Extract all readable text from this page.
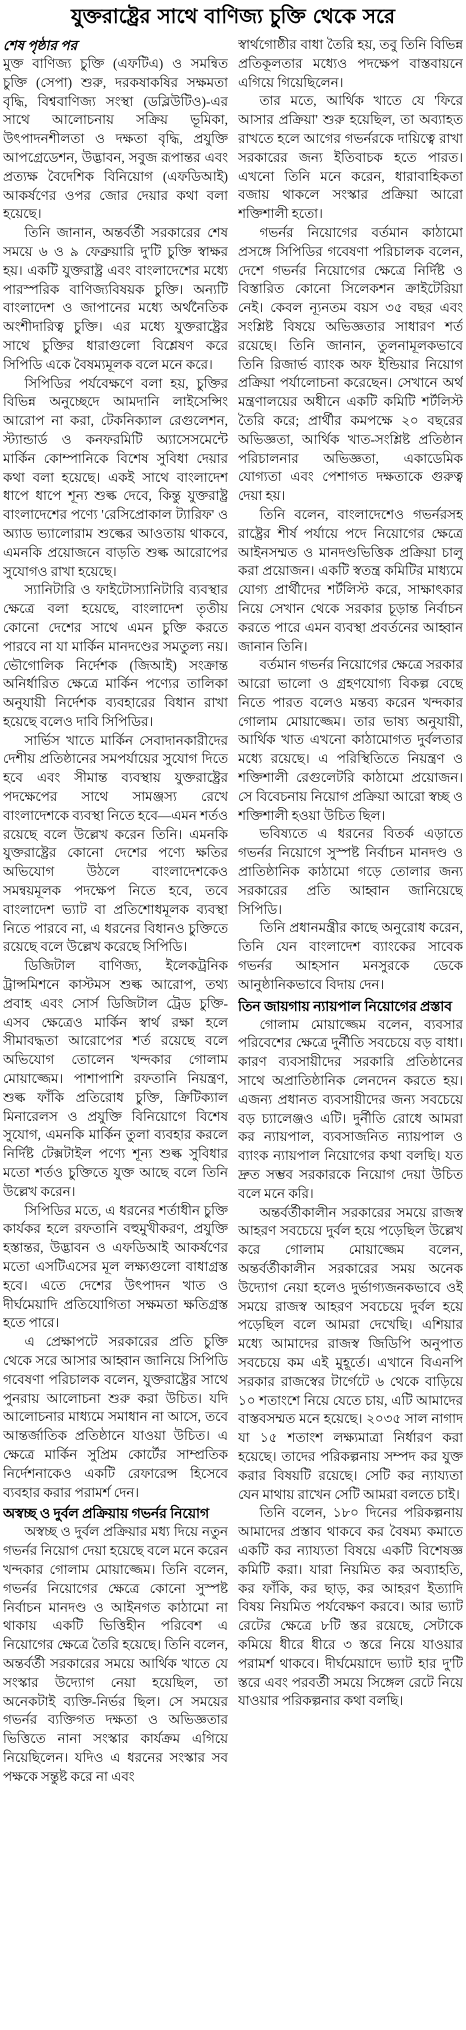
যুক্তরাষ্ট্রের সাথে বাণিজ্য চুক্তি থেকে সরে
শেষ পৃষ্ঠার পর

মুক্ত বাণিজ্য চুক্তি (এফটিএ) ও সমন্বিত চুক্তি (সেপা) শুরু, দরকষাকষির সক্ষমতা বৃদ্ধি, বিশ্ববাণিজ্য সংস্থা (ডব্লিউটিও)-এর সাথে আলোচনায় সক্রিয় ভূমিকা, উৎপাদনশীলতা ও দক্ষতা বৃদ্ধি, প্রযুক্তি আপগ্রেডেশন, উদ্ভাবন, সবুজ রূপান্তর এবং প্রত্যক্ষ বৈদেশিক বিনিয়োগ (এফডিআই) আকর্ষণের ওপর জোর দেয়ার কথা বলা হয়েছে।

তিনি জানান, অন্তর্বর্তী সরকারের শেষ সময়ে ৬ ও ৯ ফেব্রুয়ারি দু'টি চুক্তি স্বাক্ষর হয়। একটি যুক্তরাষ্ট্র এবং বাংলাদেশের মধ্যে পারস্পরিক বাণিজ্যবিষয়ক চুক্তি। অন্যটি বাংলাদেশ ও জাপানের মধ্যে অর্থনৈতিক অংশীদারিত্ব চুক্তি। এর মধ্যে যুক্তরাষ্ট্রের সাথে চুক্তির ধারাগুলো বিশ্লেষণ করে সিপিডি একে বৈষম্যমূলক বলে মনে করে।

সিপিডির পর্যবেক্ষণে বলা হয়, চুক্তির বিভিন্ন অনুচ্ছেদে আমদানি লাইসেন্সিং আরোপ না করা, টেকনিক্যাল রেগুলেশন, স্ট্যান্ডার্ড ও কনফরমিটি অ্যাসেসমেন্টে মার্কিন কোম্পানিকে বিশেষ সুবিধা দেয়ার কথা বলা হয়েছে। একই সাথে বাংলাদেশ ধাপে ধাপে শূন্য শুল্ক দেবে, কিন্তু যুক্তরাষ্ট্র বাংলাদেশের পণ্যে 'রেসিপ্রোকাল ট্যারিফ' ও অ্যাড ভ্যালোরাম শুল্কের আওতায় থাকবে, এমনকি প্রয়োজনে বাড়তি শুল্ক আরোপের সুযোগও রাখা হয়েছে।

স্যানিটারি ও ফাইটোস্যানিটারি ব্যবস্থার ক্ষেত্রে বলা হয়েছে, বাংলাদেশ তৃতীয় কোনো দেশের সাথে এমন চুক্তি করতে পারবে না যা মার্কিন মানদণ্ডের সমতুল্য নয়। ভৌগোলিক নির্দেশক (জিআই) সংক্রান্ত অনির্ধারিত ক্ষেত্রে মার্কিন পণ্যের তালিকা অনুযায়ী নির্দেশক ব্যবহারের বিধান রাখা হয়েছে বলেও দাবি সিপিডির।

সার্ভিস খাতে মার্কিন সেবাদানকারীদের দেশীয় প্রতিষ্ঠানের সমপর্যায়ের সুযোগ দিতে হবে এবং সীমান্ত ব্যবস্থায় যুক্তরাষ্ট্রের পদক্ষেপের সাথে সামঞ্জস্য রেখে বাংলাদেশকে ব্যবস্থা নিতে হবে—এমন শর্তও রয়েছে বলে উল্লেখ করেন তিনি। এমনকি যুক্তরাষ্ট্রের কোনো দেশের পণ্যে ক্ষতির অভিযোগ উঠলে বাংলাদেশকেও সমন্বয়মূলক পদক্ষেপ নিতে হবে, তবে বাংলাদেশ ভ্যাট বা প্রতিশোধমূলক ব্যবস্থা নিতে পারবে না, এ ধরনের বিধানও চুক্তিতে রয়েছে বলে উল্লেখ করেছে সিপিডি।

ডিজিটাল বাণিজ্য, ইলেকট্রনিক ট্রান্সমিশনে কাস্টমস শুল্ক আরোপ, তথ্য প্রবাহ এবং সোর্স ডিজিটাল ট্রেড চুক্তি-এসব ক্ষেত্রেও মার্কিন স্বার্থ রক্ষা হলে সীমাবদ্ধতা আরোপের শর্ত রয়েছে বলে অভিযোগ তোলেন খন্দকার গোলাম মোয়াজ্জেম। পাশাপাশি রফতানি নিয়ন্ত্রণ, শুল্ক ফাঁকি প্রতিরোধ চুক্তি, ক্রিটিক্যাল মিনারেলস ও প্রযুক্তি বিনিয়োগে বিশেষ সুযোগ, এমনকি মার্কিন তুলা ব্যবহার করলে নির্দিষ্ট টেক্সটাইল পণ্যে শূন্য শুল্ক সুবিধার মতো শর্তও চুক্তিতে যুক্ত আছে বলে তিনি উল্লেখ করেন।

সিপিডির মতে, এ ধরনের শর্তাধীন চুক্তি কার্যকর হলে রফতানি বহুমুখীকরণ, প্রযুক্তি হস্তান্তর, উদ্ভাবন ও এফডিআই আকর্ষণের মতো এসটিএসের মূল লক্ষ্যগুলো বাধাগ্রস্ত হবে। এতে দেশের উৎপাদন খাত ও দীর্ঘমেয়াদি প্রতিযোগিতা সক্ষমতা ক্ষতিগ্রস্ত হতে পারে।

এ প্রেক্ষাপটে সরকারের প্রতি চুক্তি থেকে সরে আসার আহ্বান জানিয়ে সিপিডি গবেষণা পরিচালক বলেন, যুক্তরাষ্ট্রের সাথে পুনরায় আলোচনা শুরু করা উচিত। যদি আলোচনার মাধ্যমে সমাধান না আসে, তবে আন্তর্জাতিক প্রতিষ্ঠানে যাওয়া উচিত। এ ক্ষেত্রে মার্কিন সুপ্রিম কোর্টের সাম্প্রতিক নির্দেশনাকেও একটি রেফারেন্স হিসেবে ব্যবহার করার পরামর্শ দেন।

অস্বচ্ছ ও দুর্বল প্রক্রিয়ায় গভর্নর নিয়োগ

অস্বচ্ছ ও দুর্বল প্রক্রিয়ার মধ্য দিয়ে নতুন গভর্নর নিয়োগ দেয়া হয়েছে বলে মনে করেন খন্দকার গোলাম মোয়াজ্জেম। তিনি বলেন, গভর্নর নিয়োগের ক্ষেত্রে কোনো সুস্পষ্ট নির্বাচন মানদণ্ড ও আইনগত কাঠামো না থাকায় একটি ভিত্তিহীন পরিবেশ এ নিয়োগের ক্ষেত্রে তৈরি হয়েছে। তিনি বলেন, অন্তর্বর্তী সরকারের সময়ে আর্থিক খাতে যে সংস্কার উদ্যোগ নেয়া হয়েছিল, তা অনেকটাই ব্যক্তি-নির্ভর ছিল। সে সময়ের গভর্নর ব্যক্তিগত দক্ষতা ও অভিজ্ঞতার ভিত্তিতে নানা সংস্কার কার্যক্রম এগিয়ে নিয়েছিলেন। যদিও এ ধরনের সংস্কার সব পক্ষকে সন্তুষ্ট করে না এবং

স্বার্থগোষ্ঠীর বাধা তৈরি হয়, তবু তিনি বিভিন্ন প্রতিকূলতার মধ্যেও পদক্ষেপ বাস্তবায়নে এগিয়ে গিয়েছিলেন।

তার মতে, আর্থিক খাতে যে 'ফিরে আসার প্রক্রিয়া' শুরু হয়েছিল, তা অব্যাহত রাখতে হলে আগের গভর্নরকে দায়িত্বে রাখা সরকারের জন্য ইতিবাচক হতে পারত। এখনো তিনি মনে করেন, ধারাবাহিকতা বজায় থাকলে সংস্কার প্রক্রিয়া আরো শক্তিশালী হতো।

গভর্নর নিয়োগের বর্তমান কাঠামো প্রসঙ্গে সিপিডির গবেষণা পরিচালক বলেন, দেশে গভর্নর নিয়োগের ক্ষেত্রে নির্দিষ্ট ও বিস্তারিত কোনো সিলেকশন ক্রাইটেরিয়া নেই। কেবল ন্যূনতম বয়স ৩৫ বছর এবং সংশ্লিষ্ট বিষয়ে অভিজ্ঞতার সাধারণ শর্ত রয়েছে। তিনি জানান, তুলনামূলকভাবে তিনি রিজার্ভ ব্যাংক অফ ইন্ডিয়ার নিয়োগ প্রক্রিয়া পর্যালোচনা করেছেন। সেখানে অর্থ মন্ত্রণালয়ের অধীনে একটি কমিটি শর্টলিস্ট তৈরি করে; প্রার্থীর কমপক্ষে ২০ বছরের অভিজ্ঞতা, আর্থিক খাত-সংশ্লিষ্ট প্রতিষ্ঠান পরিচালনার অভিজ্ঞতা, একাডেমিক যোগ্যতা এবং পেশাগত দক্ষতাকে গুরুত্ব দেয়া হয়।

তিনি বলেন, বাংলাদেশেও গভর্নরসহ রাষ্ট্রের শীর্ষ পর্যায়ে পদে নিয়োগের ক্ষেত্রে আইনসম্মত ও মানদণ্ডভিত্তিক প্রক্রিয়া চালু করা প্রয়োজন। একটি স্বতন্ত্র কমিটির মাধ্যমে যোগ্য প্রার্থীদের শর্টলিস্ট করে, সাক্ষাৎকার নিয়ে সেখান থেকে সরকার চূড়ান্ত নির্বাচন করতে পারে এমন ব্যবস্থা প্রবর্তনের আহ্বান জানান তিনি।

বর্তমান গভর্নর নিয়োগের ক্ষেত্রে সরকার আরো ভালো ও গ্রহণযোগ্য বিকল্প বেছে নিতে পারত বলেও মন্তব্য করেন খন্দকার গোলাম মোয়াজ্জেম। তার ভাষ্য অনুযায়ী, আর্থিক খাত এখনো কাঠামোগত দুর্বলতার মধ্যে রয়েছে। এ পরিস্থিতিতে নিয়ন্ত্রণ ও শক্তিশালী রেগুলেটরি কাঠামো প্রয়োজন। সে বিবেচনায় নিয়োগ প্রক্রিয়া আরো স্বচ্ছ ও শক্তিশালী হওয়া উচিত ছিল।

ভবিষ্যতে এ ধরনের বিতর্ক এড়াতে গভর্নর নিয়োগে সুস্পষ্ট নির্বাচন মানদণ্ড ও প্রাতিষ্ঠানিক কাঠামো গড়ে তোলার জন্য সরকারের প্রতি আহ্বান জানিয়েছে সিপিডি।

তিনি প্রধানমন্ত্রীর কাছে অনুরোধ করেন, তিনি যেন বাংলাদেশ ব্যাংকের সাবেক গভর্নর আহসান মনসুরকে ডেকে আনুষ্ঠানিকভাবে বিদায় দেন।

তিন জায়গায় ন্যায়পাল নিয়োগের প্রস্তাব

গোলাম মোয়াজ্জেম বলেন, ব্যবসার পরিবেশের ক্ষেত্রে দুর্নীতি সবচেয়ে বড় বাধা। কারণ ব্যবসায়ীদের সরকারি প্রতিষ্ঠানের সাথে অপ্রাতিষ্ঠানিক লেনদেন করতে হয়। এজন্য প্রধানত ব্যবসায়ীদের জন্য সবচেয়ে বড় চ্যালেঞ্জও এটি। দুর্নীতি রোধে আমরা কর ন্যায়পাল, ব্যবসাজনিত ন্যায়পাল ও ব্যাংক ন্যায়পাল নিয়োগের কথা বলছি। যত দ্রুত সম্ভব সরকারকে নিয়োগ দেয়া উচিত বলে মনে করি।

অন্তর্বর্তীকালীন সরকারের সময়ে রাজস্ব আহরণ সবচেয়ে দুর্বল হয়ে পড়েছিল উল্লেখ করে গোলাম মোয়াজ্জেম বলেন, অন্তর্বর্তীকালীন সরকারের সময় অনেক উদ্যোগ নেয়া হলেও দুর্ভাগ্যজনকভাবে ওই সময়ে রাজস্ব আহরণ সবচেয়ে দুর্বল হয়ে পড়েছিল বলে আমরা দেখেছি। এশিয়ার মধ্যে আমাদের রাজস্ব জিডিপি অনুপাত সবচেয়ে কম এই মুহূর্তে। এখানে বিএনপি সরকার রাজস্বের টার্গেটে ৬ থেকে বাড়িয়ে ১০ শতাংশে নিয়ে যেতে চায়, এটি আমাদের বাস্তবসম্মত মনে হয়েছে। ২০৩৫ সাল নাগাদ যা ১৫ শতাংশ লক্ষ্যমাত্রা নির্ধারণ করা হয়েছে। তাদের পরিকল্পনায় সম্পদ কর যুক্ত করার বিষয়টি রয়েছে। সেটি কর ন্যায্যতা যেন মাথায় রাখেন সেটি আমরা বলতে চাই।

তিনি বলেন, ১৮০ দিনের পরিকল্পনায় আমাদের প্রস্তাব থাকবে কর বৈষম্য কমাতে একটি কর ন্যায্যতা বিষয়ে একটি বিশেষজ্ঞ কমিটি করা। যারা নিয়মিত কর অব্যাহতি, কর ফাঁকি, কর ছাড়, কর আহরণ ইত্যাদি বিষয় নিয়মিত পর্যবেক্ষণ করবে। আর ভ্যাট রেটের ক্ষেত্রে ৮টি স্তর রয়েছে, সেটাকে কমিয়ে ধীরে ধীরে ৩ স্তরে নিয়ে যাওয়ার পরামর্শ থাকবে। দীর্ঘমেয়াদে ভ্যাট হার দু'টি স্তরে এবং পরবর্তী সময়ে সিঙ্গেল রেটে নিয়ে যাওয়ার পরিকল্পনার কথা বলছি।
